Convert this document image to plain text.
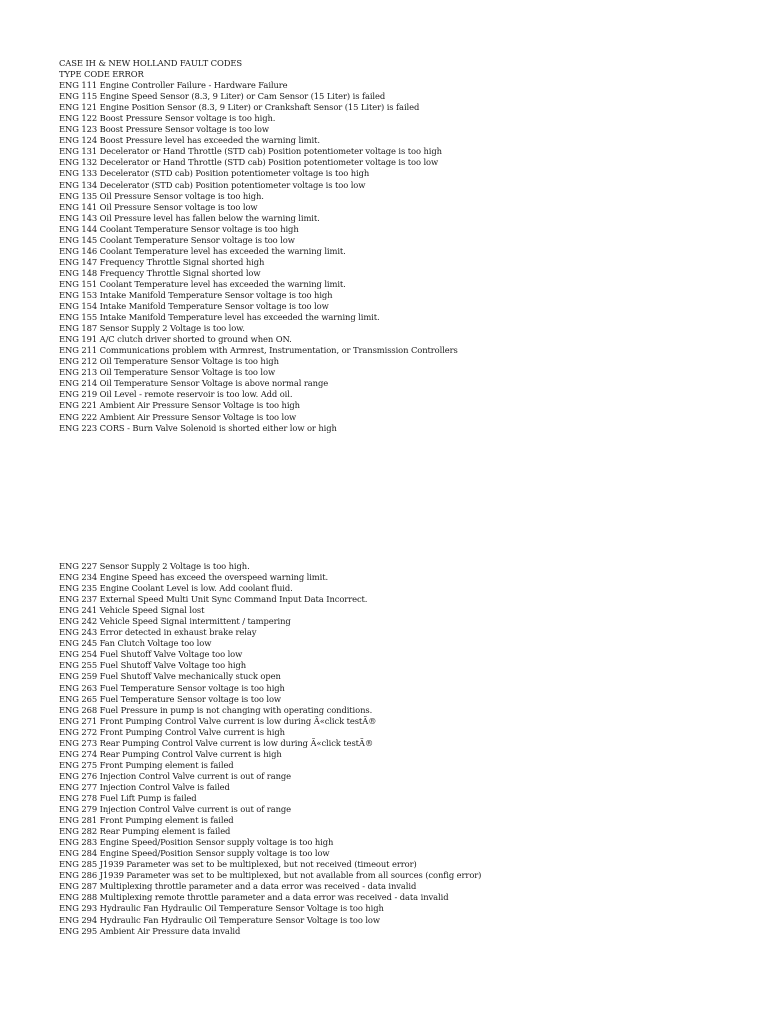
CASE IH & NEW HOLLAND FAULT CODES
TYPE CODE ERROR
ENG 111 Engine Controller Failure - Hardware Failure
ENG 115 Engine Speed Sensor (8.3, 9 Liter) or Cam Sensor (15 Liter) is failed
ENG 121 Engine Position Sensor (8.3, 9 Liter) or Crankshaft Sensor (15 Liter) is failed
ENG 122 Boost Pressure Sensor voltage is too high.
ENG 123 Boost Pressure Sensor voltage is too low
ENG 124 Boost Pressure level has exceeded the warning limit.
ENG 131 Decelerator or Hand Throttle (STD cab) Position potentiometer voltage is too high
ENG 132 Decelerator or Hand Throttle (STD cab) Position potentiometer voltage is too low
ENG 133 Decelerator (STD cab) Position potentiometer voltage is too high
ENG 134 Decelerator (STD cab) Position potentiometer voltage is too low
ENG 135 Oil Pressure Sensor voltage is too high.
ENG 141 Oil Pressure Sensor voltage is too low
ENG 143 Oil Pressure level has fallen below the warning limit.
ENG 144 Coolant Temperature Sensor voltage is too high
ENG 145 Coolant Temperature Sensor voltage is too low
ENG 146 Coolant Temperature level has exceeded the warning limit.
ENG 147 Frequency Throttle Signal shorted high
ENG 148 Frequency Throttle Signal shorted low
ENG 151 Coolant Temperature level has exceeded the warning limit.
ENG 153 Intake Manifold Temperature Sensor voltage is too high
ENG 154 Intake Manifold Temperature Sensor voltage is too low
ENG 155 Intake Manifold Temperature level has exceeded the warning limit.
ENG 187 Sensor Supply 2 Voltage is too low.
ENG 191 A/C clutch driver shorted to ground when ON.
ENG 211 Communications problem with Armrest, Instrumentation, or Transmission Controllers
ENG 212 Oil Temperature Sensor Voltage is too high
ENG 213 Oil Temperature Sensor Voltage is too low
ENG 214 Oil Temperature Sensor Voltage is above normal range
ENG 219 Oil Level - remote reservoir is too low. Add oil.
ENG 221 Ambient Air Pressure Sensor Voltage is too high
ENG 222 Ambient Air Pressure Sensor Voltage is too low
ENG 223 CORS - Burn Valve Solenoid is shorted either low or high
ENG 227 Sensor Supply 2 Voltage is too high.
ENG 234 Engine Speed has exceed the overspeed warning limit.
ENG 235 Engine Coolant Level is low. Add coolant fluid.
ENG 237 External Speed Multi Unit Sync Command Input Data Incorrect.
ENG 241 Vehicle Speed Signal lost
ENG 242 Vehicle Speed Signal intermittent / tampering
ENG 243 Error detected in exhaust brake relay
ENG 245 Fan Clutch Voltage too low
ENG 254 Fuel Shutoff Valve Voltage too low
ENG 255 Fuel Shutoff Valve Voltage too high
ENG 259 Fuel Shutoff Valve mechanically stuck open
ENG 263 Fuel Temperature Sensor voltage is too high
ENG 265 Fuel Temperature Sensor voltage is too low
ENG 268 Fuel Pressure in pump is not changing with operating conditions.
ENG 271 Front Pumping Control Valve current is low during Ã«click testÃ®
ENG 272 Front Pumping Control Valve current is high
ENG 273 Rear Pumping Control Valve current is low during Ã«click testÃ®
ENG 274 Rear Pumping Control Valve current is high
ENG 275 Front Pumping element is failed
ENG 276 Injection Control Valve current is out of range
ENG 277 Injection Control Valve is failed
ENG 278 Fuel Lift Pump is failed
ENG 279 Injection Control Valve current is out of range
ENG 281 Front Pumping element is failed
ENG 282 Rear Pumping element is failed
ENG 283 Engine Speed/Position Sensor supply voltage is too high
ENG 284 Engine Speed/Position Sensor supply voltage is too low
ENG 285 J1939 Parameter was set to be multiplexed, but not received (timeout error)
ENG 286 J1939 Parameter was set to be multiplexed, but not available from all sources (config error)
ENG 287 Multiplexing throttle parameter and a data error was received - data invalid
ENG 288 Multiplexing remote throttle parameter and a data error was received - data invalid
ENG 293 Hydraulic Fan Hydraulic Oil Temperature Sensor Voltage is too high
ENG 294 Hydraulic Fan Hydraulic Oil Temperature Sensor Voltage is too low
ENG 295 Ambient Air Pressure data invalid
